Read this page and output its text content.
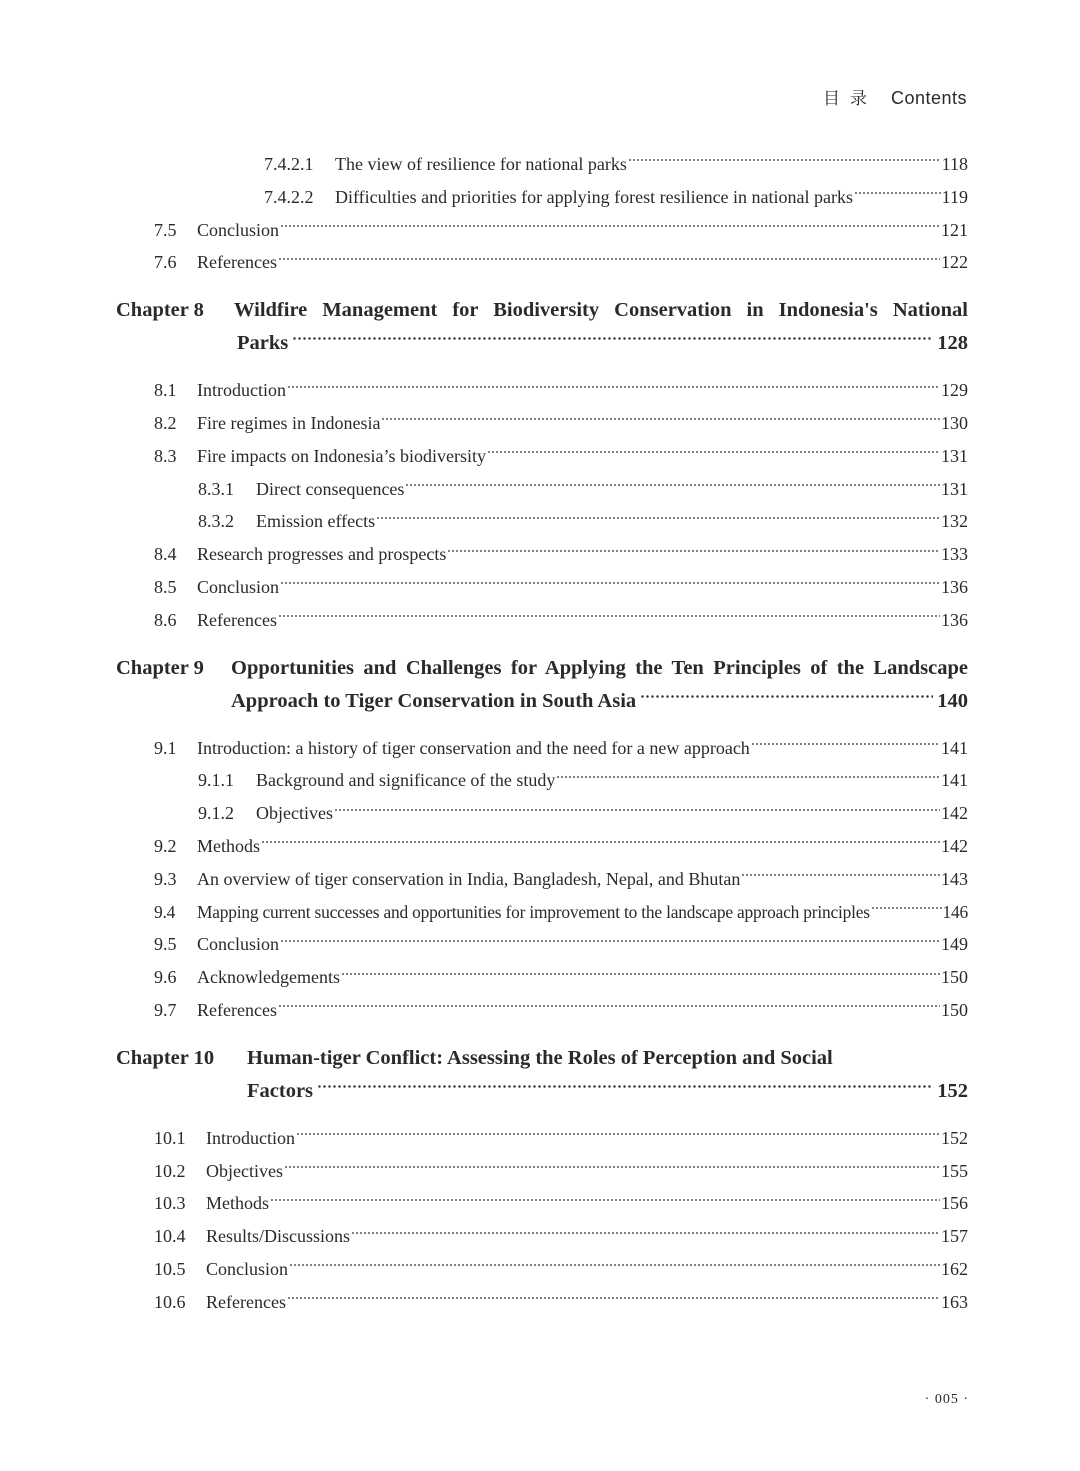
目录 Contents
7.4.2.1	The view of resilience for national parks	118
7.4.2.2	Difficulties and priorities for applying forest resilience in national parks	119
7.5	Conclusion	121
7.6	References	122
Chapter 8	Wildfire Management for Biodiversity Conservation in Indonesia's National
Parks	128
8.1	Introduction	129
8.2	Fire regimes in Indonesia	130
8.3	Fire impacts on Indonesia’s biodiversity	131
8.3.1	Direct consequences	131
8.3.2	Emission effects	132
8.4	Research progresses and prospects	133
8.5	Conclusion	136
8.6	References	136
Chapter 9	Opportunities and Challenges for Applying the Ten Principles of the Landscape
Approach to Tiger Conservation in South Asia	140
9.1	Introduction: a history of tiger conservation and the need for a new approach	141
9.1.1	Background and significance of the study	141
9.1.2	Objectives	142
9.2	Methods	142
9.3	An overview of tiger conservation in India, Bangladesh, Nepal, and Bhutan	143
9.4	Mapping current successes and opportunities for improvement to the landscape approach principles	146
9.5	Conclusion	149
9.6	Acknowledgements	150
9.7	References	150
Chapter 10	Human-tiger Conflict: Assessing the Roles of Perception and Social
Factors	152
10.1	Introduction	152
10.2	Objectives	155
10.3	Methods	156
10.4	Results/Discussions	157
10.5	Conclusion	162
10.6	References	163
· 005 ·
